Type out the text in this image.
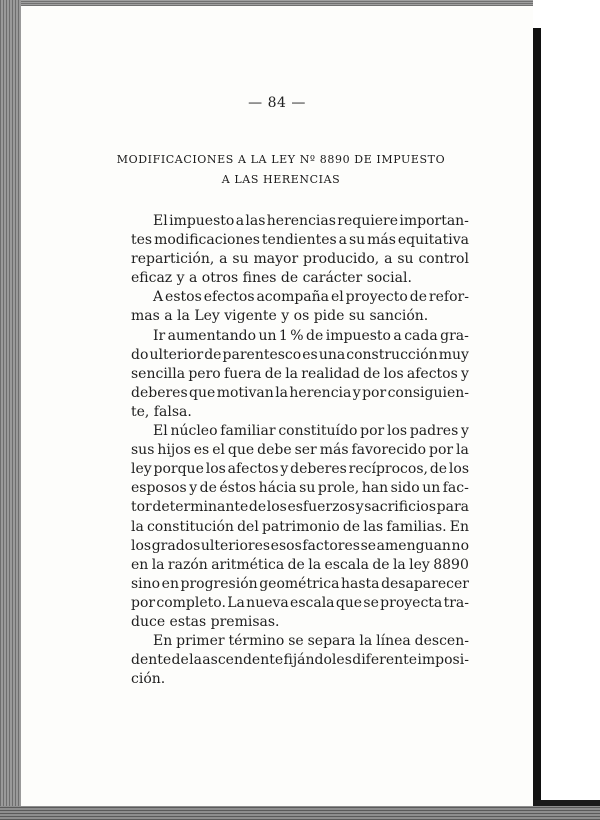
— 84 —
MODIFICACIONES A LA LEY Nº 8890 DE IMPUESTO
A LAS HERENCIAS
El impuesto a las herencias requiere importan-
tes modificaciones tendientes a su más equitativa
repartición, a su mayor producido, a su control
eficaz y a otros fines de carácter social.
A estos efectos acompaña el proyecto de refor-
mas a la Ley vigente y os pide su sanción.
Ir aumentando un 1 % de impuesto a cada gra-
do ulterior de parentesco es una construcción muy
sencilla pero fuera de la realidad de los afectos y
deberes que motivan la herencia y por consiguien-
te, falsa.
El núcleo familiar constituído por los padres y
sus hijos es el que debe ser más favorecido por la
ley porque los afectos y deberes recíprocos, de los
esposos y de éstos hácia su prole, han sido un fac-
tor determinante de los esfuerzos y sacrificios para
la constitución del patrimonio de las familias. En
los grados ulteriores esos factores se amenguan no
en la razón aritmética de la escala de la ley 8890
sino en progresión geométrica hasta desaparecer
por completo. La nueva escala que se proyecta tra-
duce estas premisas.
En primer término se separa la línea descen-
dente de la ascendente fijándoles diferente imposi-
ción.
